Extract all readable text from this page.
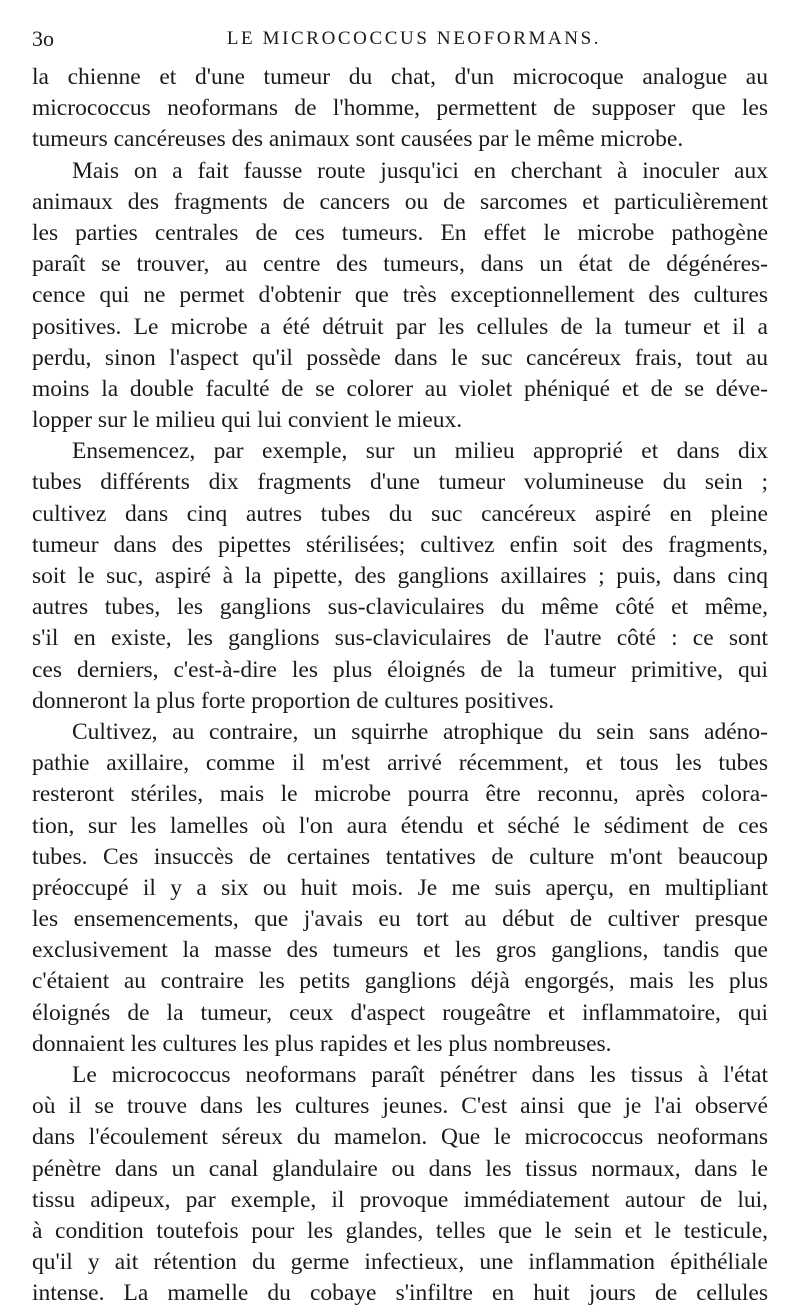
3o	LE MICROCOCCUS NEOFORMANS.
la chienne et d'une tumeur du chat, d'un microcoque analogue au
micrococcus neoformans de l'homme, permettent de supposer que les
tumeurs cancéreuses des animaux sont causées par le même microbe.
Mais on a fait fausse route jusqu'ici en cherchant à inoculer aux
animaux des fragments de cancers ou de sarcomes et particulièrement
les parties centrales de ces tumeurs. En effet le microbe pathogène
paraît se trouver, au centre des tumeurs, dans un état de dégénéres-
cence qui ne permet d'obtenir que très exceptionnellement des cultures
positives. Le microbe a été détruit par les cellules de la tumeur et il a
perdu, sinon l'aspect qu'il possède dans le suc cancéreux frais, tout au
moins la double faculté de se colorer au violet phéniqué et de se déve-
lopper sur le milieu qui lui convient le mieux.
Ensemencez, par exemple, sur un milieu approprié et dans dix
tubes différents dix fragments d'une tumeur volumineuse du sein ;
cultivez dans cinq autres tubes du suc cancéreux aspiré en pleine
tumeur dans des pipettes stérilisées; cultivez enfin soit des fragments,
soit le suc, aspiré à la pipette, des ganglions axillaires ; puis, dans cinq
autres tubes, les ganglions sus-claviculaires du même côté et même,
s'il en existe, les ganglions sus-claviculaires de l'autre côté : ce sont
ces derniers, c'est-à-dire les plus éloignés de la tumeur primitive, qui
donneront la plus forte proportion de cultures positives.
Cultivez, au contraire, un squirrhe atrophique du sein sans adéno-
pathie axillaire, comme il m'est arrivé récemment, et tous les tubes
resteront stériles, mais le microbe pourra être reconnu, après colora-
tion, sur les lamelles où l'on aura étendu et séché le sédiment de ces
tubes. Ces insuccès de certaines tentatives de culture m'ont beaucoup
préoccupé il y a six ou huit mois. Je me suis aperçu, en multipliant
les ensemencements, que j'avais eu tort au début de cultiver presque
exclusivement la masse des tumeurs et les gros ganglions, tandis que
c'étaient au contraire les petits ganglions déjà engorgés, mais les plus
éloignés de la tumeur, ceux d'aspect rougeâtre et inflammatoire, qui
donnaient les cultures les plus rapides et les plus nombreuses.
Le micrococcus neoformans paraît pénétrer dans les tissus à l'état
où il se trouve dans les cultures jeunes. C'est ainsi que je l'ai observé
dans l'écoulement séreux du mamelon. Que le micrococcus neoformans
pénètre dans un canal glandulaire ou dans les tissus normaux, dans le
tissu adipeux, par exemple, il provoque immédiatement autour de lui,
à condition toutefois pour les glandes, telles que le sein et le testicule,
qu'il y ait rétention du germe infectieux, une inflammation épithéliale
intense. La mamelle du cobaye s'infiltre en huit jours de cellules
